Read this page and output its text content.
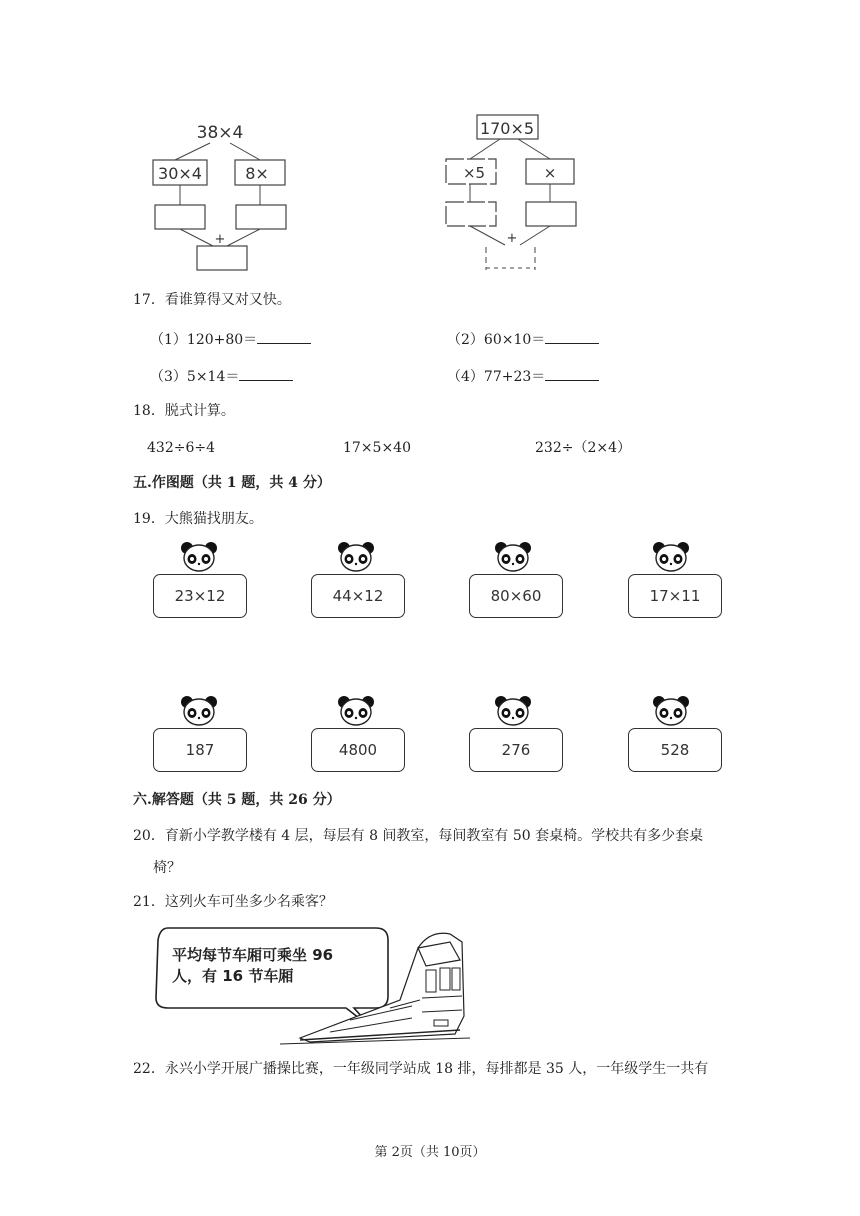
38×4
30×4	8×
+
170×5
×5	×
+
17．看谁算得又对又快。
（1）120+80＝	（2）60×10＝
（3）5×14＝	（4）77+23＝
18．脱式计算。
432÷6÷4	17×5×40	232÷（2×4）
五.作图题（共 1 题，共 4 分）
19．大熊猫找朋友。
23×12	44×12	80×60	17×11
187	4800	276	528
六.解答题（共 5 题，共 26 分）
20．育新小学教学楼有 4 层，每层有 8 间教室，每间教室有 50 套桌椅。学校共有多少套桌
椅？
21．这列火车可坐多少名乘客？
平均每节车厢可乘坐 96
人，有 16 节车厢
22．永兴小学开展广播操比赛，一年级同学站成 18 排，每排都是 35 人，一年级学生一共有
第 2页（共 10页）
